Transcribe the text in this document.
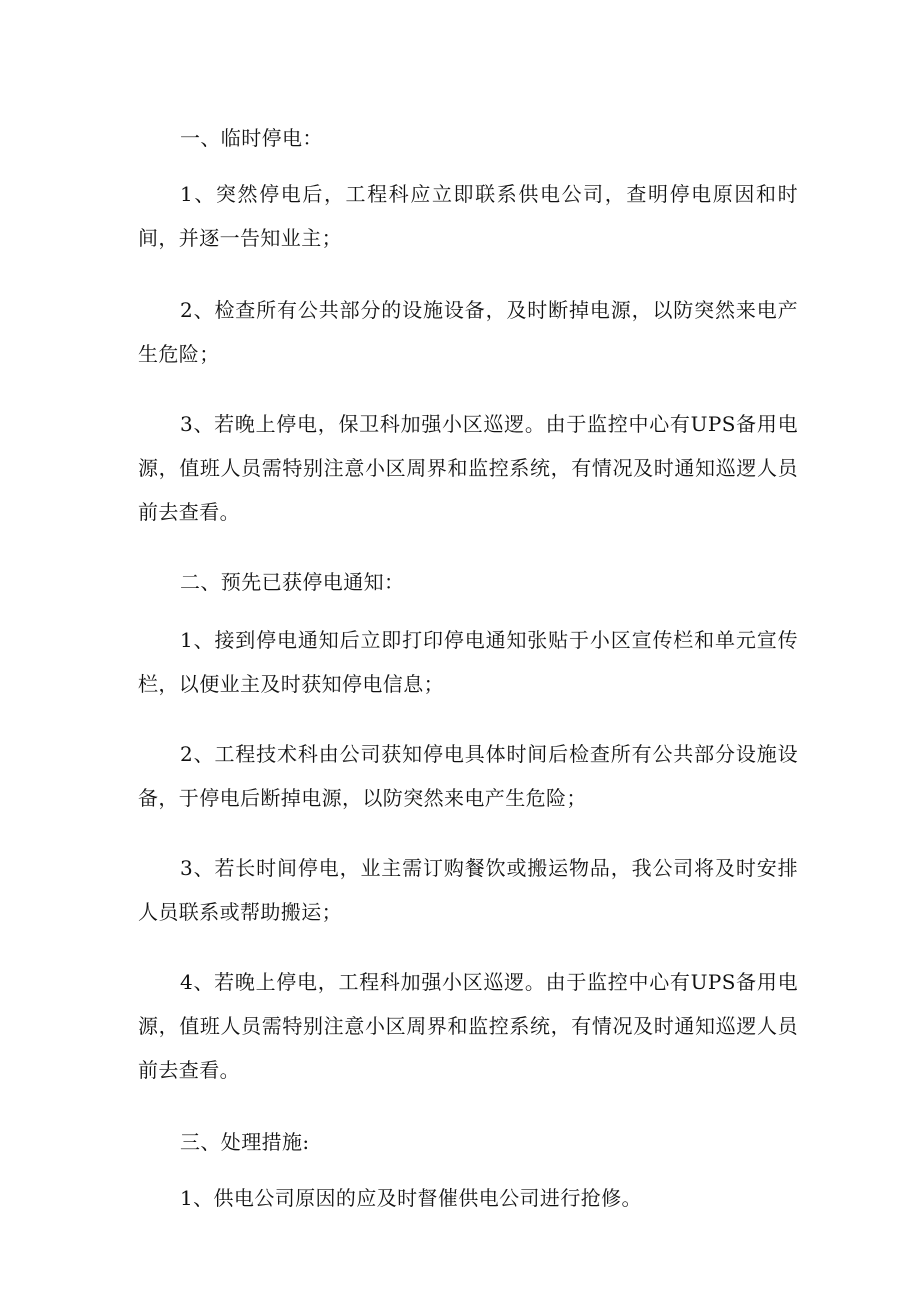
一、临时停电：

1、突然停电后，工程科应立即联系供电公司，查明停电原因和时间，并逐一告知业主；

2、检查所有公共部分的设施设备，及时断掉电源，以防突然来电产生危险；

3、若晚上停电，保卫科加强小区巡逻。由于监控中心有UPS备用电源，值班人员需特别注意小区周界和监控系统，有情况及时通知巡逻人员前去查看。

二、预先已获停电通知：

1、接到停电通知后立即打印停电通知张贴于小区宣传栏和单元宣传栏，以便业主及时获知停电信息；

2、工程技术科由公司获知停电具体时间后检查所有公共部分设施设备，于停电后断掉电源，以防突然来电产生危险；

3、若长时间停电，业主需订购餐饮或搬运物品，我公司将及时安排人员联系或帮助搬运；

4、若晚上停电，工程科加强小区巡逻。由于监控中心有UPS备用电源，值班人员需特别注意小区周界和监控系统，有情况及时通知巡逻人员前去查看。

三、处理措施:

1、供电公司原因的应及时督催供电公司进行抢修。
